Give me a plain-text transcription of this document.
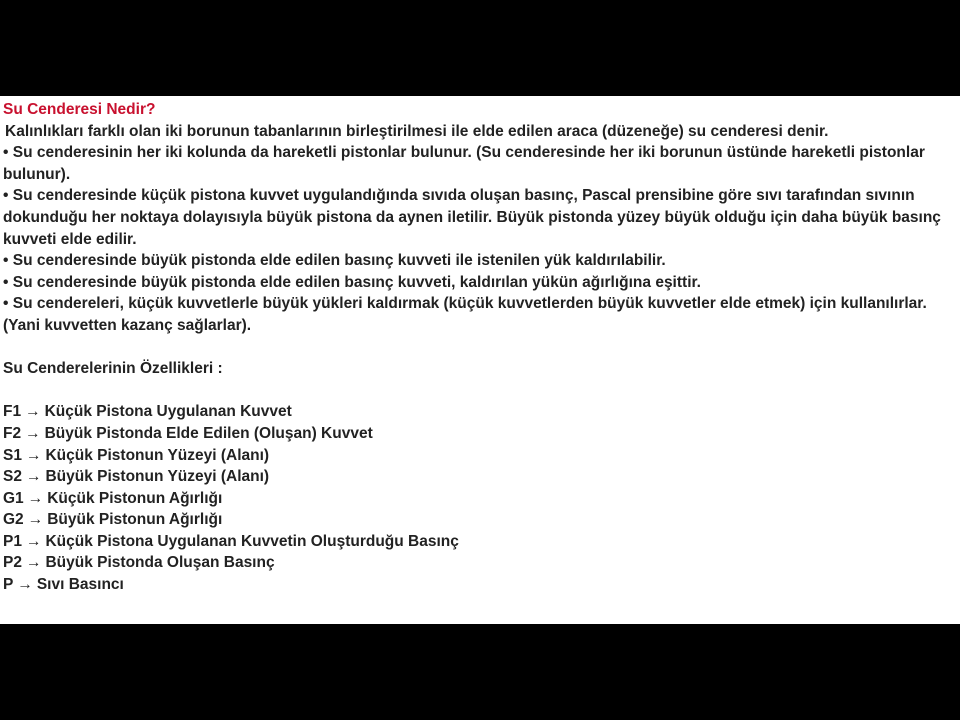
Su Cenderesi Nedir?

Kalınlıkları farklı olan iki borunun tabanlarının birleştirilmesi ile elde edilen araca (düzeneğe) su cenderesi denir.

• Su cenderesinin her iki kolunda da hareketli pistonlar bulunur. (Su cenderesinde her iki borunun üstünde hareketli pistonlar bulunur).

• Su cenderesinde küçük pistona kuvvet uygulandığında sıvıda oluşan basınç, Pascal prensibine göre sıvı tarafından sıvının dokunduğu her noktaya dolayısıyla büyük pistona da aynen iletilir. Büyük pistonda yüzey büyük olduğu için daha büyük basınç kuvveti elde edilir.

• Su cenderesinde büyük pistonda elde edilen basınç kuvveti ile istenilen yük kaldırılabilir.

• Su cenderesinde büyük pistonda elde edilen basınç kuvveti, kaldırılan yükün ağırlığına eşittir.

• Su cendereleri, küçük kuvvetlerle büyük yükleri kaldırmak (küçük kuvvetlerden büyük kuvvetler elde etmek) için kullanılırlar. (Yani kuvvetten kazanç sağlarlar).

Su Cenderelerinin Özellikleri :

F1 → Küçük Pistona Uygulanan Kuvvet
F2 → Büyük Pistonda Elde Edilen (Oluşan) Kuvvet
S1 → Küçük Pistonun Yüzeyi (Alanı)
S2 → Büyük Pistonun Yüzeyi (Alanı)
G1 → Küçük Pistonun Ağırlığı
G2 → Büyük Pistonun Ağırlığı
P1 → Küçük Pistona Uygulanan Kuvvetin Oluşturduğu Basınç
P2 → Büyük Pistonda Oluşan Basınç
P → Sıvı Basıncı
